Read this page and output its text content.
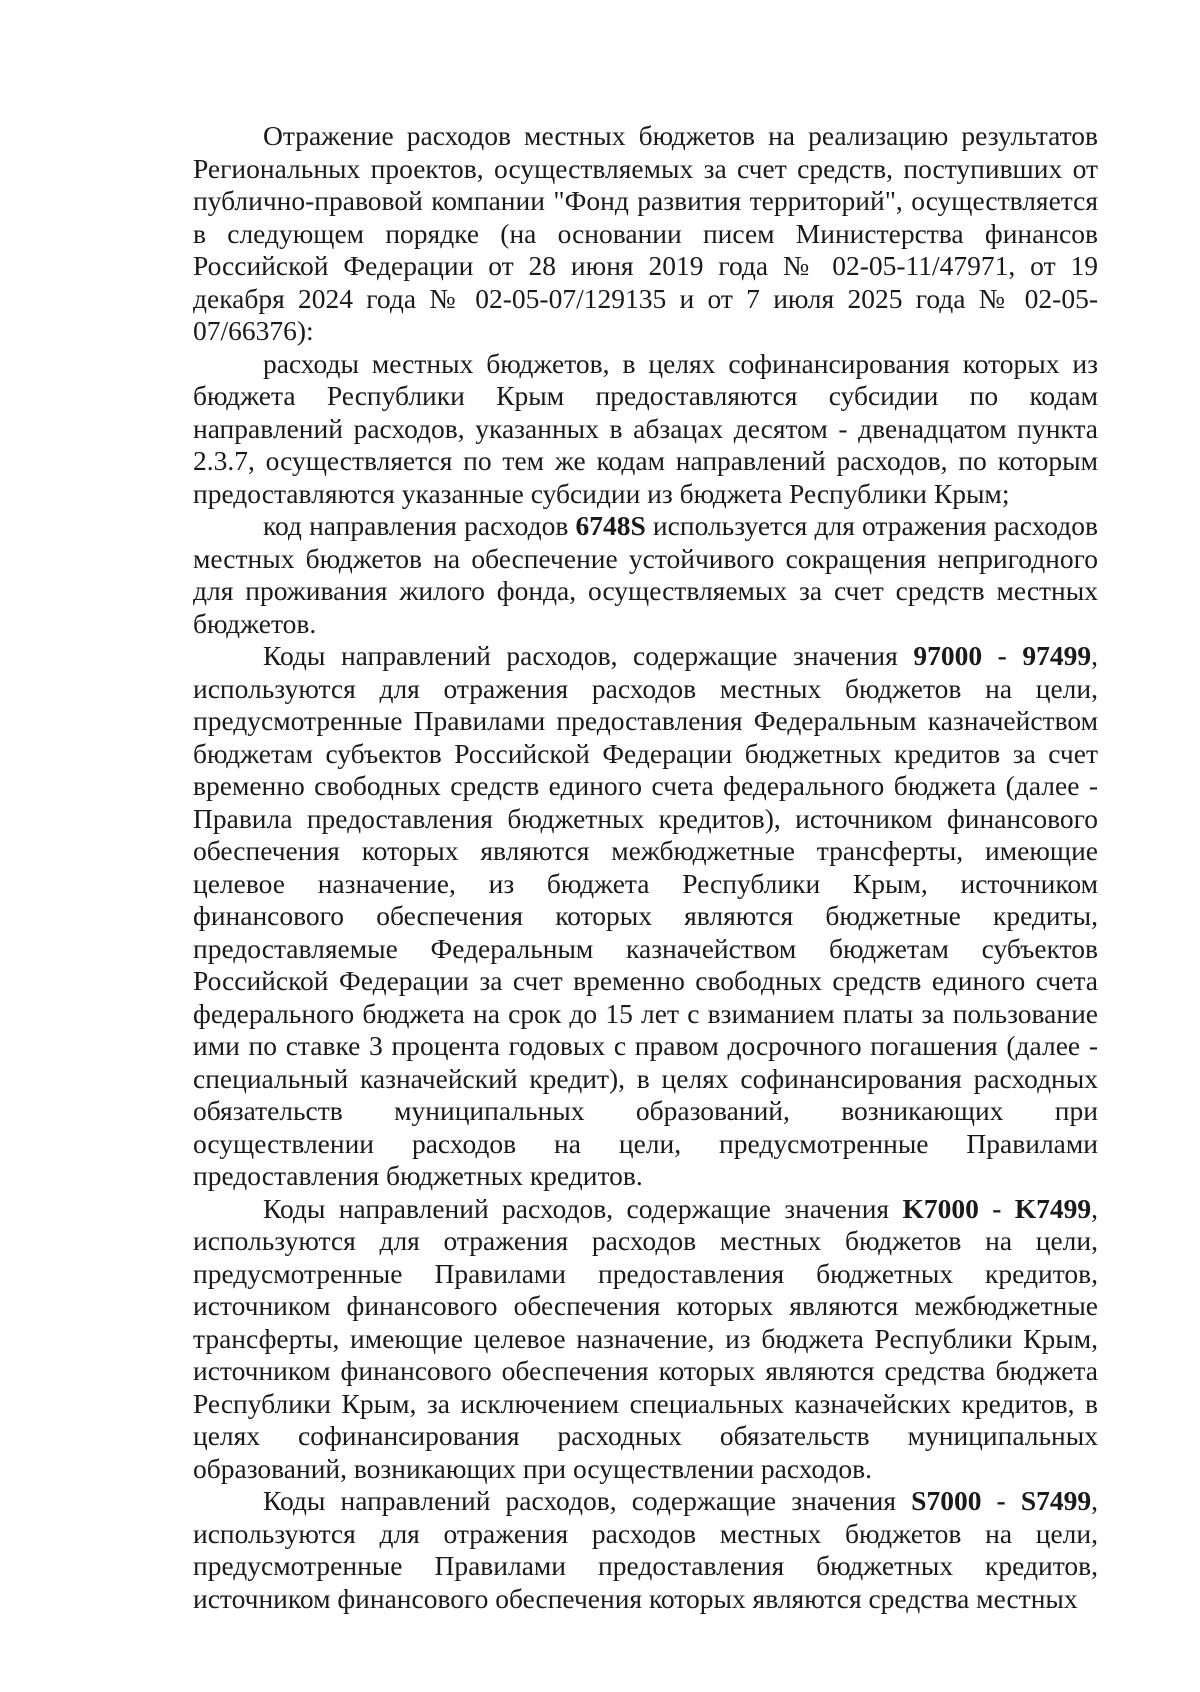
Отражение расходов местных бюджетов на реализацию результатов Региональных проектов, осуществляемых за счет средств, поступивших от публично-правовой компании "Фонд развития территорий", осуществляется в следующем порядке (на основании писем Министерства финансов Российской Федерации от 28 июня 2019 года № 02-05-11/47971, от 19 декабря 2024 года № 02-05-07/129135 и от 7 июля 2025 года № 02-05-07/66376):

расходы местных бюджетов, в целях софинансирования которых из бюджета Республики Крым предоставляются субсидии по кодам направлений расходов, указанных в абзацах десятом - двенадцатом пункта 2.3.7, осуществляется по тем же кодам направлений расходов, по которым предоставляются указанные субсидии из бюджета Республики Крым;

код направления расходов 6748S используется для отражения расходов местных бюджетов на обеспечение устойчивого сокращения непригодного для проживания жилого фонда, осуществляемых за счет средств местных бюджетов.

Коды направлений расходов, содержащие значения 97000 - 97499, используются для отражения расходов местных бюджетов на цели, предусмотренные Правилами предоставления Федеральным казначейством бюджетам субъектов Российской Федерации бюджетных кредитов за счет временно свободных средств единого счета федерального бюджета (далее - Правила предоставления бюджетных кредитов), источником финансового обеспечения которых являются межбюджетные трансферты, имеющие целевое назначение, из бюджета Республики Крым, источником финансового обеспечения которых являются бюджетные кредиты, предоставляемые Федеральным казначейством бюджетам субъектов Российской Федерации за счет временно свободных средств единого счета федерального бюджета на срок до 15 лет с взиманием платы за пользование ими по ставке 3 процента годовых с правом досрочного погашения (далее - специальный казначейский кредит), в целях софинансирования расходных обязательств муниципальных образований, возникающих при осуществлении расходов на цели, предусмотренные Правилами предоставления бюджетных кредитов.

Коды направлений расходов, содержащие значения K7000 - K7499, используются для отражения расходов местных бюджетов на цели, предусмотренные Правилами предоставления бюджетных кредитов, источником финансового обеспечения которых являются межбюджетные трансферты, имеющие целевое назначение, из бюджета Республики Крым, источником финансового обеспечения которых являются средства бюджета Республики Крым, за исключением специальных казначейских кредитов, в целях софинансирования расходных обязательств муниципальных образований, возникающих при осуществлении расходов.

Коды направлений расходов, содержащие значения S7000 - S7499, используются для отражения расходов местных бюджетов на цели, предусмотренные Правилами предоставления бюджетных кредитов, источником финансового обеспечения которых являются средства местных
